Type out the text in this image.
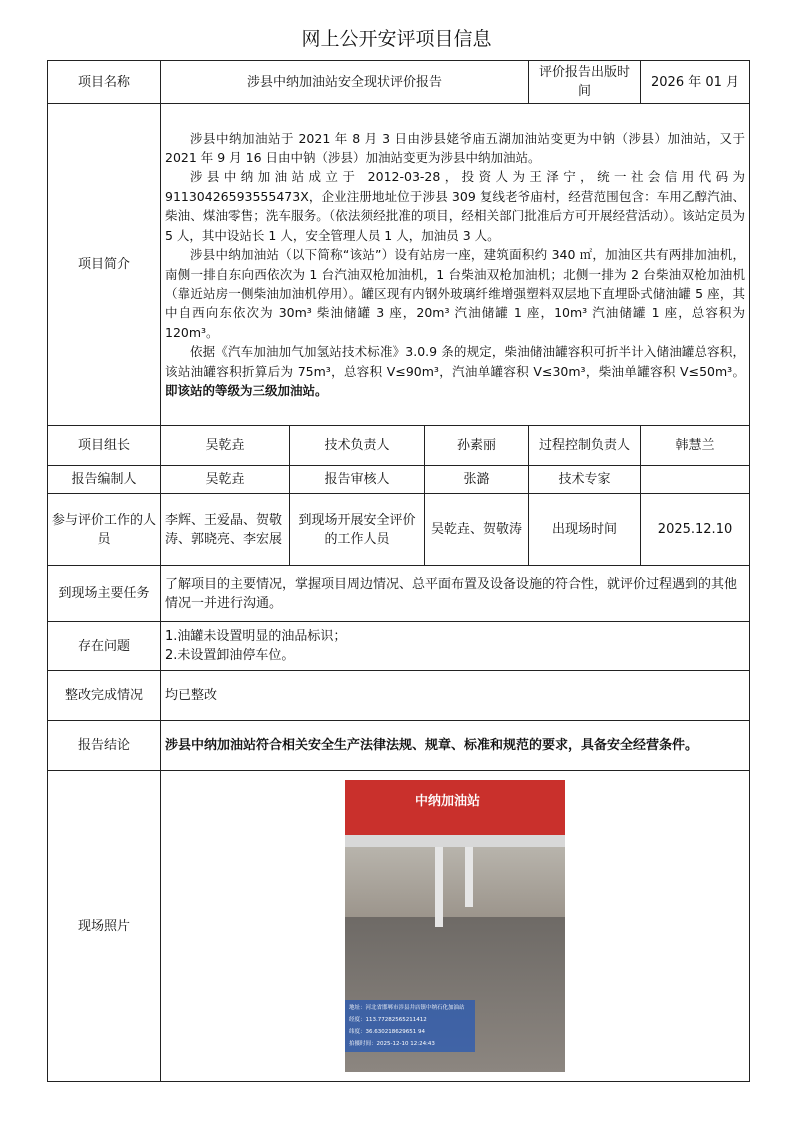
网上公开安评项目信息
项目名称	涉县中纳加油站安全现状评价报告			评价报告出版时间	2026 年 01 月
项目简介	涉县中纳加油站于 2021 年 8 月 3 日由涉县姥爷庙五湖加油站变更为中钠（涉县）加油站，又于 2021 年 9 月 16 日由中钠（涉县）加油站变更为涉县中纳加油站。

涉县中纳加油站成立于 2012-03-28，投资人为王泽宁，统一社会信用代码为 91130426593555473X，企业注册地址位于涉县 309 复线老爷庙村，经营范围包含：车用乙醇汽油、柴油、煤油零售；洗车服务。（依法须经批准的项目，经相关部门批准后方可开展经营活动）。该站定员为 5 人，其中设站长 1 人，安全管理人员 1 人，加油员 3 人。

涉县中纳加油站（以下简称“该站”）设有站房一座，建筑面积约 340 ㎡，加油区共有两排加油机，南侧一排自东向西依次为 1 台汽油双枪加油机，1 台柴油双枪加油机；北侧一排为 2 台柴油双枪加油机（靠近站房一侧柴油加油机停用）。罐区现有内钢外玻璃纤维增强塑料双层地下直埋卧式储油罐 5 座，其中自西向东依次为 30m³ 柴油储罐 3 座，20m³ 汽油储罐 1 座，10m³ 汽油储罐 1 座，总容积为 120m³。

依据《汽车加油加气加氢站技术标准》3.0.9 条的规定，柴油储油罐容积可折半计入储油罐总容积，该站油罐容积折算后为 75m³，总容积 V≤90m³，汽油单罐容积 V≤30m³，柴油单罐容积 V≤50m³。即该站的等级为三级加油站。				

项目组长	吴乾垚	技术负责人	孙素丽	过程控制负责人	韩慧兰
报告编制人	吴乾垚	报告审核人	张潞	技术专家	
参与评价工作的人员	李辉、王爱晶、贺敬涛、郭晓亮、李宏展	到现场开展安全评价的工作人员	吴乾垚、贺敬涛	出现场时间	2025.12.10
到现场主要任务	了解项目的主要情况，掌握项目周边情况、总平面布置及设备设施的符合性，就评价过程遇到的其他情况一并进行沟通。				
存在问题	1.油罐未设置明显的油品标识；
2.未设置卸油停车位。				

整改完成情况	均已整改				
报告结论	涉县中纳加油站符合相关安全生产法律法规、规章、标准和规范的要求，具备安全经营条件。				
现场照片	中纳加油站
地址：河北省邯郸市涉县井店镇中纳石化加油站
经度：113.77282565211412
纬度：36.630218629651 94
拍摄时间：2025-12-10 12:24:43				
